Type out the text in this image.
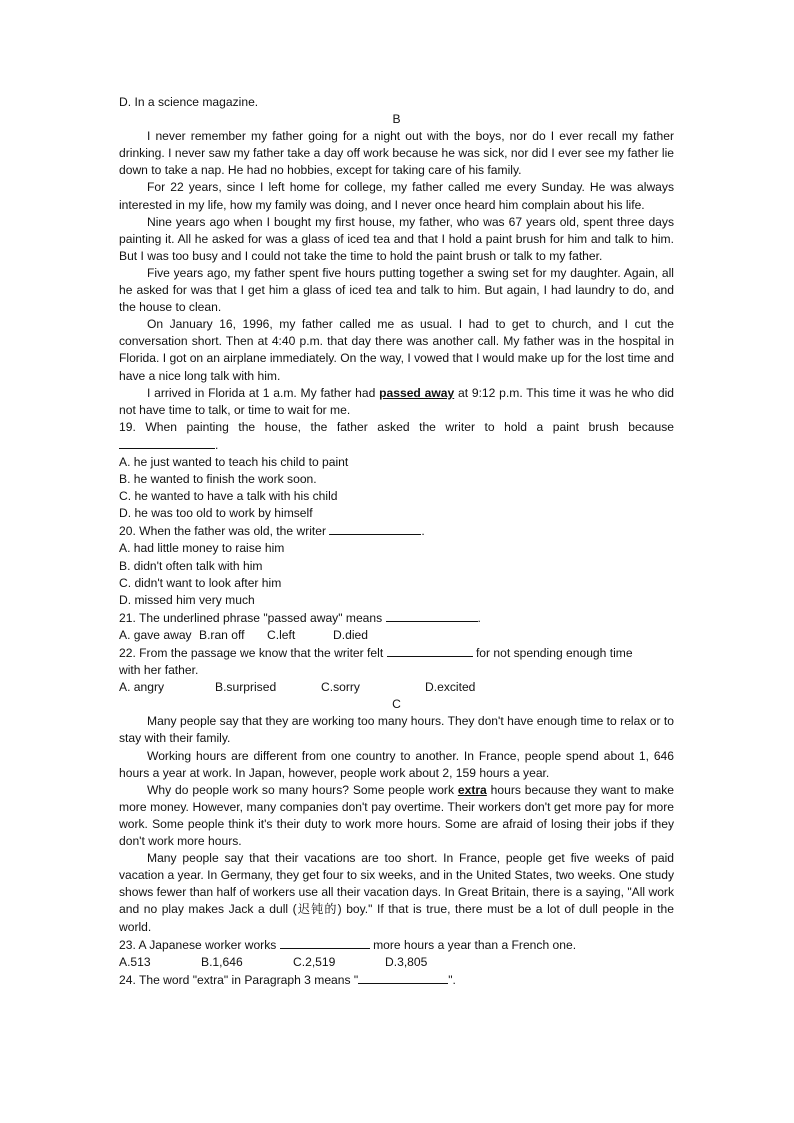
D. In a science magazine.
B

I never remember my father going for a night out with the boys, nor do I ever recall my father drinking. I never saw my father take a day off work because he was sick, nor did I ever see my father lie down to take a nap. He had no hobbies, except for taking care of his family.

For 22 years, since I left home for college, my father called me every Sunday. He was always interested in my life, how my family was doing, and I never once heard him complain about his life.

Nine years ago when I bought my first house, my father, who was 67 years old, spent three days painting it. All he asked for was a glass of iced tea and that I hold a paint brush for him and talk to him. But I was too busy and I could not take the time to hold the paint brush or talk to my father.

Five years ago, my father spent five hours putting together a swing set for my daughter. Again, all he asked for was that I get him a glass of iced tea and talk to him. But again, I had laundry to do, and the house to clean.

On January 16, 1996, my father called me as usual. I had to get to church, and I cut the conversation short. Then at 4:40 p.m. that day there was another call. My father was in the hospital in Florida. I got on an airplane immediately. On the way, I vowed that I would make up for the lost time and have a nice long talk with him.

I arrived in Florida at 1 a.m. My father had passed away at 9:12 p.m. This time it was he who did not have time to talk, or time to wait for me.

19. When painting the house, the father asked the writer to hold a paint brush because

.
A. he just wanted to teach his child to paint
B. he wanted to finish the work soon.
C. he wanted to have a talk with his child
D. he was too old to work by himself
20. When the father was old, the writer	.
A. had little money to raise him
B. didn't often talk with him
C. didn't want to look after him
D. missed him very much
21. The underlined phrase "passed away" means	.
A. gave away B.ran off	C.left	D.died
22. From the passage we know that the writer felt	for not spending enough time
with her father.
A. angry	B.surprised	C.sorry	D.excited
C

Many people say that they are working too many hours. They don't have enough time to relax or to stay with their family.

Working hours are different from one country to another. In France, people spend about 1, 646 hours a year at work. In Japan, however, people work about 2, 159 hours a year.

Why do people work so many hours? Some people work extra hours because they want to make more money. However, many companies don't pay overtime. Their workers don't get more pay for more work. Some people think it's their duty to work more hours. Some are afraid of losing their jobs if they don't work more hours.

Many people say that their vacations are too short. In France, people get five weeks of paid vacation a year. In Germany, they get four to six weeks, and in the United States, two weeks. One study shows fewer than half of workers use all their vacation days. In Great Britain, there is a saying, "All work and no play makes Jack a dull (迟钝的) boy." If that is true, there must be a lot of dull people in the world.

23. A Japanese worker works	more hours a year than a French one.
A.513	B.1,646	C.2,519	D.3,805
24. The word "extra" in Paragraph 3 means "	".
